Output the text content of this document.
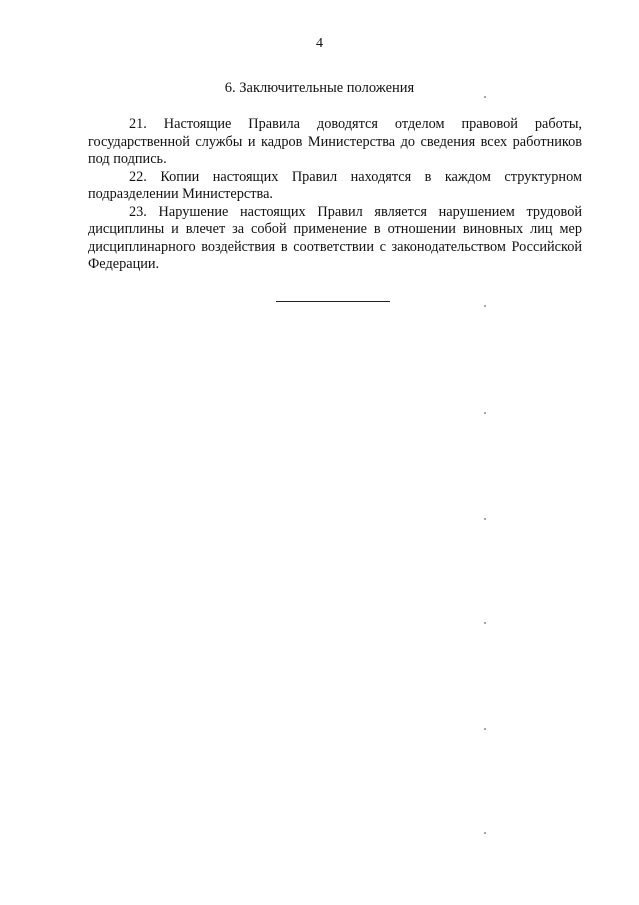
4
6. Заключительные положения

21. Настоящие Правила доводятся отделом правовой работы, государственной службы и кадров Министерства до сведения всех работников под подпись.

22. Копии настоящих Правил находятся в каждом структурном подразделении Министерства.

23. Нарушение настоящих Правил является нарушением трудовой дисциплины и влечет за собой применение в отношении виновных лиц мер дисциплинарного воздействия в соответствии с законодательством Российской Федерации.
